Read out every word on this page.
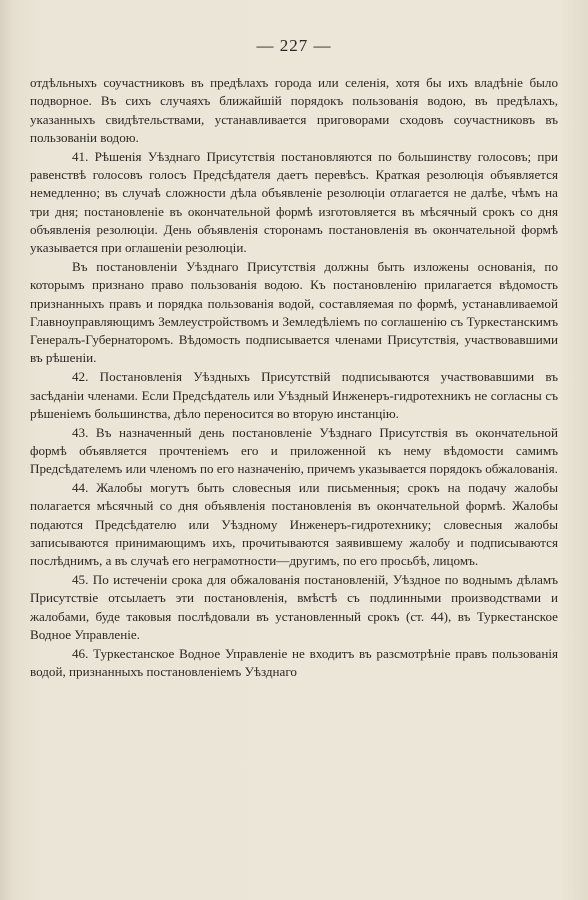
— 227 —

отдѣльныхъ соучастниковъ въ предѣлахъ города или селенія, хотя бы ихъ владѣніе было подворное. Въ сихъ случаяхъ ближайшій порядокъ пользованія водою, въ предѣлахъ, указанныхъ свидѣтельствами, устанавливается приговорами сходовъ соучастниковъ въ пользованіи водою.

41. Рѣшенія Уѣзднаго Присутствія постановляются по большинству голосовъ; при равенствѣ голосовъ голосъ Предсѣдателя даетъ перевѣсъ. Краткая резолюція объявляется немедленно; въ случаѣ сложности дѣла объявленіе резолюціи отлагается не далѣе, чѣмъ на три дня; постановленіе въ окончательной формѣ изготовляется въ мѣсячный срокъ со дня объявленія резолюціи. День объявленія сторонамъ постановленія въ окончательной формѣ указывается при оглашеніи резолюціи.

Въ постановленіи Уѣзднаго Присутствія должны быть изложены основанія, по которымъ признано право пользованія водою. Къ постановленію прилагается вѣдомость признанныхъ правъ и порядка пользованія водой, составляемая по формѣ, устанавливаемой Главноуправляющимъ Землеустройствомъ и Земледѣліемъ по соглашенію съ Туркестанскимъ Генералъ-Губернаторомъ. Вѣдомость подписывается членами Присутствія, участвовавшими въ рѣшеніи.

42. Постановленія Уѣздныхъ Присутствій подписываются участвовавшими въ засѣданіи членами. Если Предсѣдатель или Уѣздный Инженеръ-гидротехникъ не согласны съ рѣшеніемъ большинства, дѣло переносится во вторую инстанцію.

43. Въ назначенный день постановленіе Уѣзднаго Присутствія въ окончательной формѣ объявляется прочтеніемъ его и приложенной къ нему вѣдомости самимъ Предсѣдателемъ или членомъ по его назначенію, причемъ указывается порядокъ обжалованія.

44. Жалобы могутъ быть словесныя или письменныя; срокъ на подачу жалобы полагается мѣсячный со дня объявленія постановленія въ окончательной формѣ. Жалобы подаются Предсѣдателю или Уѣздному Инженеръ-гидротехнику; словесныя жалобы записываются принимающимъ ихъ, прочитываются заявившему жалобу и подписываются послѣднимъ, а въ случаѣ его неграмотности—другимъ, по его просьбѣ, лицомъ.

45. По истеченіи срока для обжалованія постановленій, Уѣздное по воднымъ дѣламъ Присутствіе отсылаетъ эти постановленія, вмѣстѣ съ подлинными производствами и жалобами, буде таковыя послѣдовали въ установленный срокъ (ст. 44), въ Туркестанское Водное Управленіе.

46. Туркестанское Водное Управленіе не входитъ въ разсмотрѣніе правъ пользованія водой, признанныхъ постановленіемъ Уѣзднаго
